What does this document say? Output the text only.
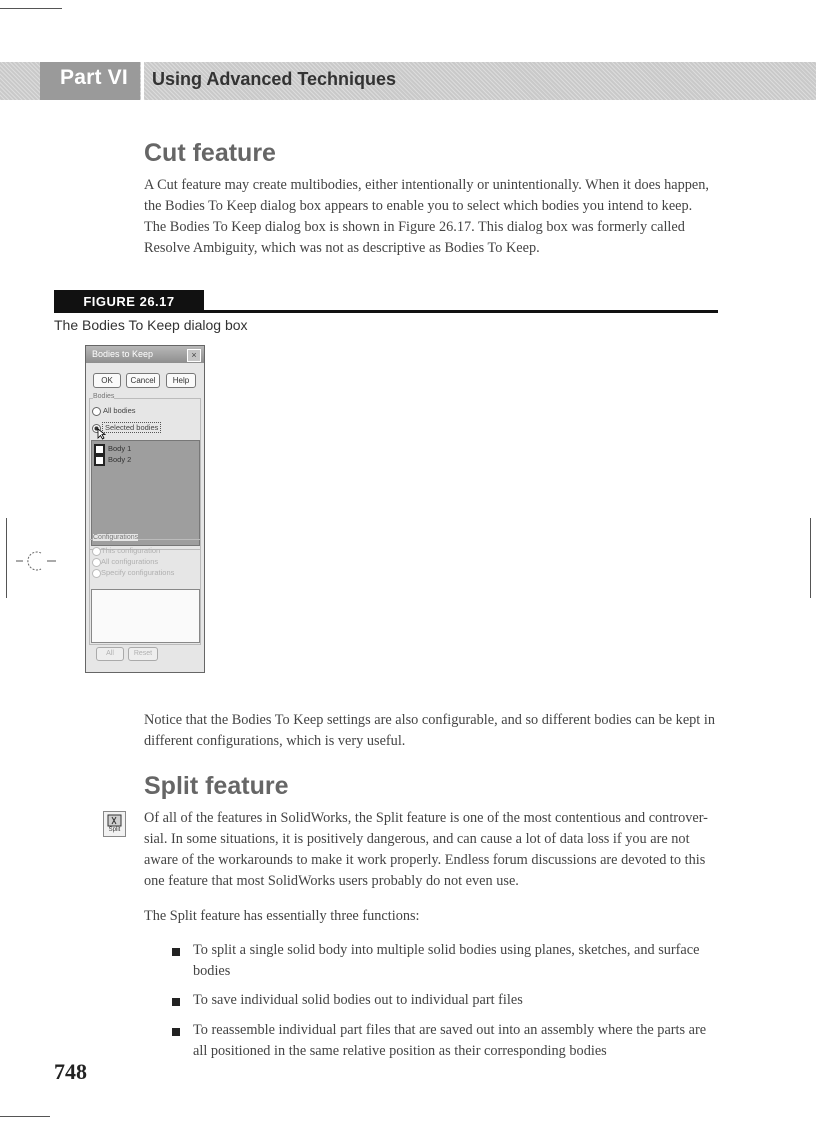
Part VI Using Advanced Techniques
Cut feature

A Cut feature may create multibodies, either intentionally or unintentionally. When it does happen,

the Bodies To Keep dialog box appears to enable you to select which bodies you intend to keep.

The Bodies To Keep dialog box is shown in Figure 26.17. This dialog box was formerly called

Resolve Ambiguity, which was not as descriptive as Bodies To Keep.

FIGURE 26.17
The Bodies To Keep dialog box
Bodies to Keep	×
OK	Cancel	Help
Bodies
All bodies
Selected bodies
Body 1
Body 2
Configurations
This configuration
All configurations
Specify configurations
All	Reset

Notice that the Bodies To Keep settings are also configurable, and so different bodies can be kept in

different configurations, which is very useful.

Split feature
Split

Of all of the features in SolidWorks, the Split feature is one of the most contentious and controver-

sial. In some situations, it is positively dangerous, and can cause a lot of data loss if you are not

aware of the workarounds to make it work properly. Endless forum discussions are devoted to this

one feature that most SolidWorks users probably do not even use.

The Split feature has essentially three functions:

To split a single solid body into multiple solid bodies using planes, sketches, and surface

bodies

To save individual solid bodies out to individual part files

To reassemble individual part files that are saved out into an assembly where the parts are

all positioned in the same relative position as their corresponding bodies

748
